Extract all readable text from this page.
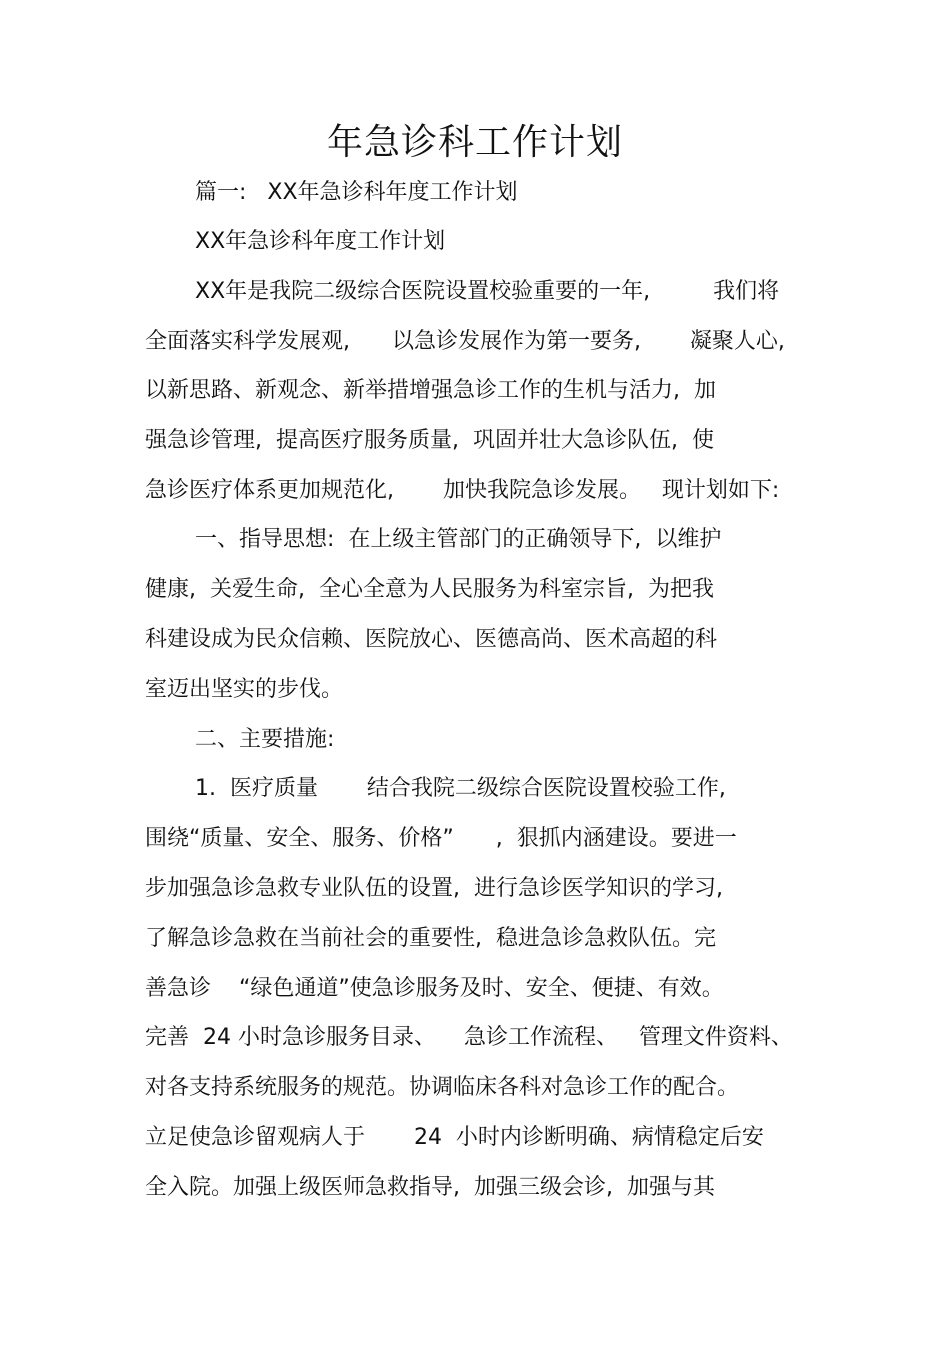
年急诊科工作计划
篇一:   XX年急诊科年度工作计划
XX年急诊科年度工作计划
XX年是我院二级综合医院设置校验重要的一年,         我们将
全面落实科学发展观,      以急诊发展作为第一要务,       凝聚人心,
以新思路、新观念、新举措增强急诊工作的生机与活力,  加
强急诊管理,  提高医疗服务质量,  巩固并壮大急诊队伍,  使
急诊医疗体系更加规范化,       加快我院急诊发展。   现计划如下:
一、指导思想:  在上级主管部门的正确领导下,  以维护
健康,  关爱生命,  全心全意为人民服务为科室宗旨,  为把我
科建设成为民众信赖、医院放心、医德高尚、医术高超的科
室迈出坚实的步伐。
二、主要措施:
1.  医疗质量       结合我院二级综合医院设置校验工作,
围绕“质量、安全、服务、价格”      ,  狠抓内涵建设。要进一
步加强急诊急救专业队伍的设置,  进行急诊医学知识的学习,
了解急诊急救在当前社会的重要性,  稳进急诊急救队伍。完
善急诊    “绿色通道”使急诊服务及时、安全、便捷、有效。
完善  24 小时急诊服务目录、    急诊工作流程、   管理文件资料、
对各支持系统服务的规范。协调临床各科对急诊工作的配合。
立足使急诊留观病人于       24  小时内诊断明确、病情稳定后安
全入院。加强上级医师急救指导,  加强三级会诊,  加强与其
